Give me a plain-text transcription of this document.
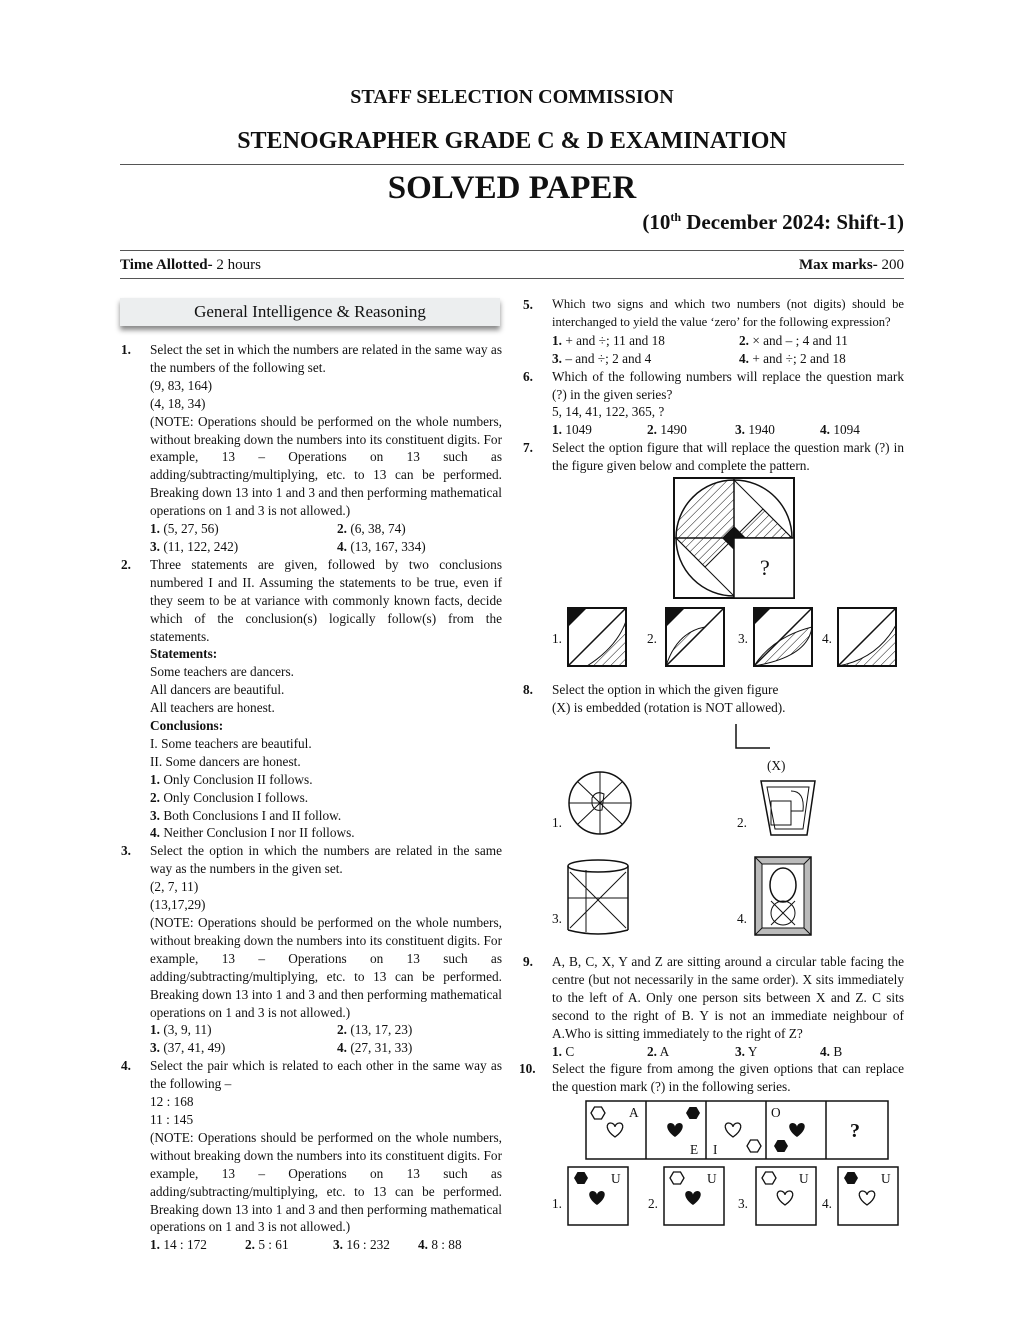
STAFF SELECTION COMMISSION
STENOGRAPHER GRADE C & D EXAMINATION
SOLVED PAPER
(10th December 2024: Shift-1)
Time Allotted- 2 hours	Max marks- 200
General Intelligence & Reasoning
1. Select the set in which the numbers are related in the same way as the numbers of the following set.
(9, 83, 164)
(4, 18, 34)
(NOTE: Operations should be performed on the whole numbers, without breaking down the numbers into its constituent digits. For example, 13 – Operations on 13 such as adding/subtracting/multiplying, etc. to 13 can be performed. Breaking down 13 into 1 and 3 and then performing mathematical operations on 1 and 3 is not allowed.)
1. (5, 27, 56)	2. (6, 38, 74)
3. (11, 122, 242)	4. (13, 167, 334)
2. Three statements are given, followed by two conclusions numbered I and II. Assuming the statements to be true, even if they seem to be at variance with commonly known facts, decide which of the conclusion(s) logically follow(s) from the statements.
Statements:
Some teachers are dancers.
All dancers are beautiful.
All teachers are honest.
Conclusions:
I. Some teachers are beautiful.
II. Some dancers are honest.
1. Only Conclusion II follows.
2. Only Conclusion I follows.
3. Both Conclusions I and II follow.
4. Neither Conclusion I nor II follows.
3. Select the option in which the numbers are related in the same way as the numbers in the given set.
(2, 7, 11)
(13,17,29)
(NOTE: Operations should be performed on the whole numbers, without breaking down the numbers into its constituent digits. For example, 13 – Operations on 13 such as adding/subtracting/multiplying, etc. to 13 can be performed. Breaking down 13 into 1 and 3 and then performing mathematical operations on 1 and 3 is not allowed.)
1. (3, 9, 11)	2. (13, 17, 23)
3. (37, 41, 49)	4. (27, 31, 33)
4. Select the pair which is related to each other in the same way as the following –
12 : 168
11 : 145
(NOTE: Operations should be performed on the whole numbers, without breaking down the numbers into its constituent digits. For example, 13 – Operations on 13 such as adding/subtracting/multiplying, etc. to 13 can be performed. Breaking down 13 into 1 and 3 and then performing mathematical operations on 1 and 3 is not allowed.)
1. 14 : 172	2. 5 : 61	3. 16 : 232	4. 8 : 88
5. Which two signs and which two numbers (not digits) should be interchanged to yield the value ‘zero’ for the following expression?
1. + and ÷; 11 and 18	2. × and – ; 4 and 11
3. – and ÷; 2 and 4	4. + and ÷; 2 and 18
6. Which of the following numbers will replace the question mark (?) in the given series?
5, 14, 41, 122, 365, ?
1. 1049	2. 1490	3. 1940	4. 1094
7. Select the option figure that will replace the question mark (?) in the figure given below and complete the pattern.
?
1.	2.	3.	4.
8. Select the option in which the given figure (X) is embedded (rotation is NOT allowed).
(X)
1.	2.
3.	4.
9. A, B, C, X, Y and Z are sitting around a circular table facing the centre (but not necessarily in the same order). X sits immediately to the left of A. Only one person sits between X and Z. C sits second to the right of B. Y is not an immediate neighbour of A.Who is sitting immediately to the right of Z?
1. C	2. A	3. Y	4. B
10. Select the figure from among the given options that can replace the question mark (?) in the following series.
A
E I
O
?
1.
U
2.
U
3.
U
4.
U
